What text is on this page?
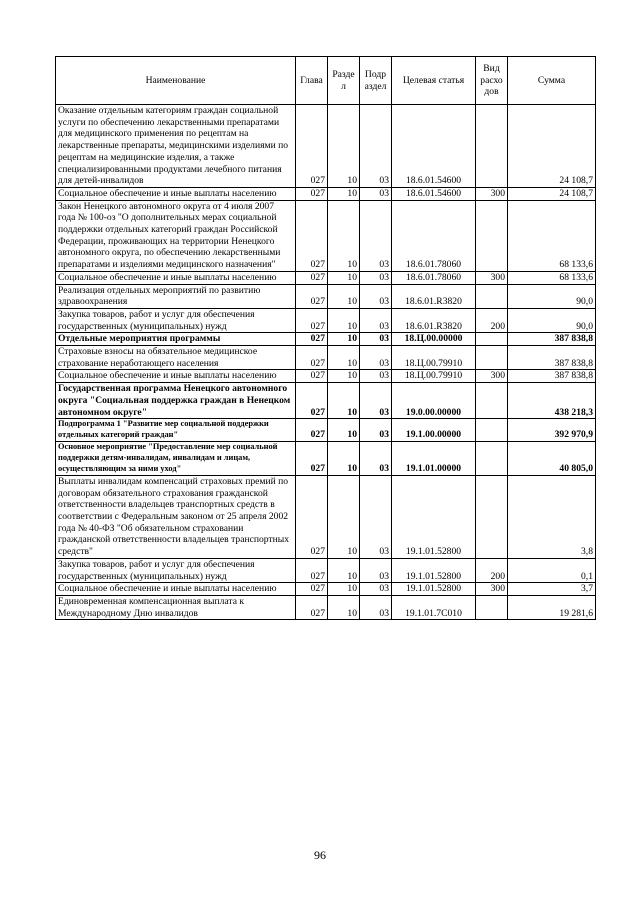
Наименование	Глава	Разде л	Подр аздел	Целевая статья	Вид расхо дов	Сумма
Оказание отдельным категориям граждан социальной услуги по обеспечению лекарственными препаратами для медицинского применения по рецептам на лекарственные препараты, медицинскими изделиями по рецептам на медицинские изделия, а также специализированными продуктами лечебного питания для детей-инвалидов	027	10	03	18.6.01.54600		24 108,7
Социальное обеспечение и иные выплаты населению	027	10	03	18.6.01.54600	300	24 108,7
Закон Ненецкого автономного округа от 4 июля 2007 года № 100-оз "О дополнительных мерах социальной поддержки отдельных категорий граждан Российской Федерации, проживающих на территории Ненецкого автономного округа, по обеспечению лекарственными препаратами и изделиями медицинского назначения"	027	10	03	18.6.01.78060		68 133,6
Социальное обеспечение и иные выплаты населению	027	10	03	18.6.01.78060	300	68 133,6
Реализация отдельных мероприятий по развитию здравоохранения	027	10	03	18.6.01.R3820		90,0
Закупка товаров, работ и услуг для обеспечения государственных (муниципальных) нужд	027	10	03	18.6.01.R3820	200	90,0
Отдельные мероприятия программы	027	10	03	18.Ц.00.00000		387 838,8
Страховые взносы на обязательное медицинское страхование неработающего населения	027	10	03	18.Ц.00.79910		387 838,8
Социальное обеспечение и иные выплаты населению	027	10	03	18.Ц.00.79910	300	387 838,8
Государственная программа Ненецкого автономного округа "Социальная поддержка граждан в Ненецком автономном округе"	027	10	03	19.0.00.00000		438 218,3
Подпрограмма 1 "Развитие мер социальной поддержки отдельных категорий граждан"	027	10	03	19.1.00.00000		392 970,9
Основное мероприятие "Предоставление мер социальной поддержки детям-инвалидам, инвалидам и лицам, осуществляющим за ними уход"	027	10	03	19.1.01.00000		40 805,0
Выплаты инвалидам компенсаций страховых премий по договорам обязательного страхования гражданской ответственности владельцев транспортных средств в соответствии с Федеральным законом от 25 апреля 2002 года № 40-ФЗ "Об обязательном страховании гражданской ответственности владельцев транспортных средств"	027	10	03	19.1.01.52800		3,8
Закупка товаров, работ и услуг для обеспечения государственных (муниципальных) нужд	027	10	03	19.1.01.52800	200	0,1
Социальное обеспечение и иные выплаты населению	027	10	03	19.1.01.52800	300	3,7
Единовременная компенсационная выплата к Международному Дню инвалидов	027	10	03	19.1.01.7С010		19 281,6
96
